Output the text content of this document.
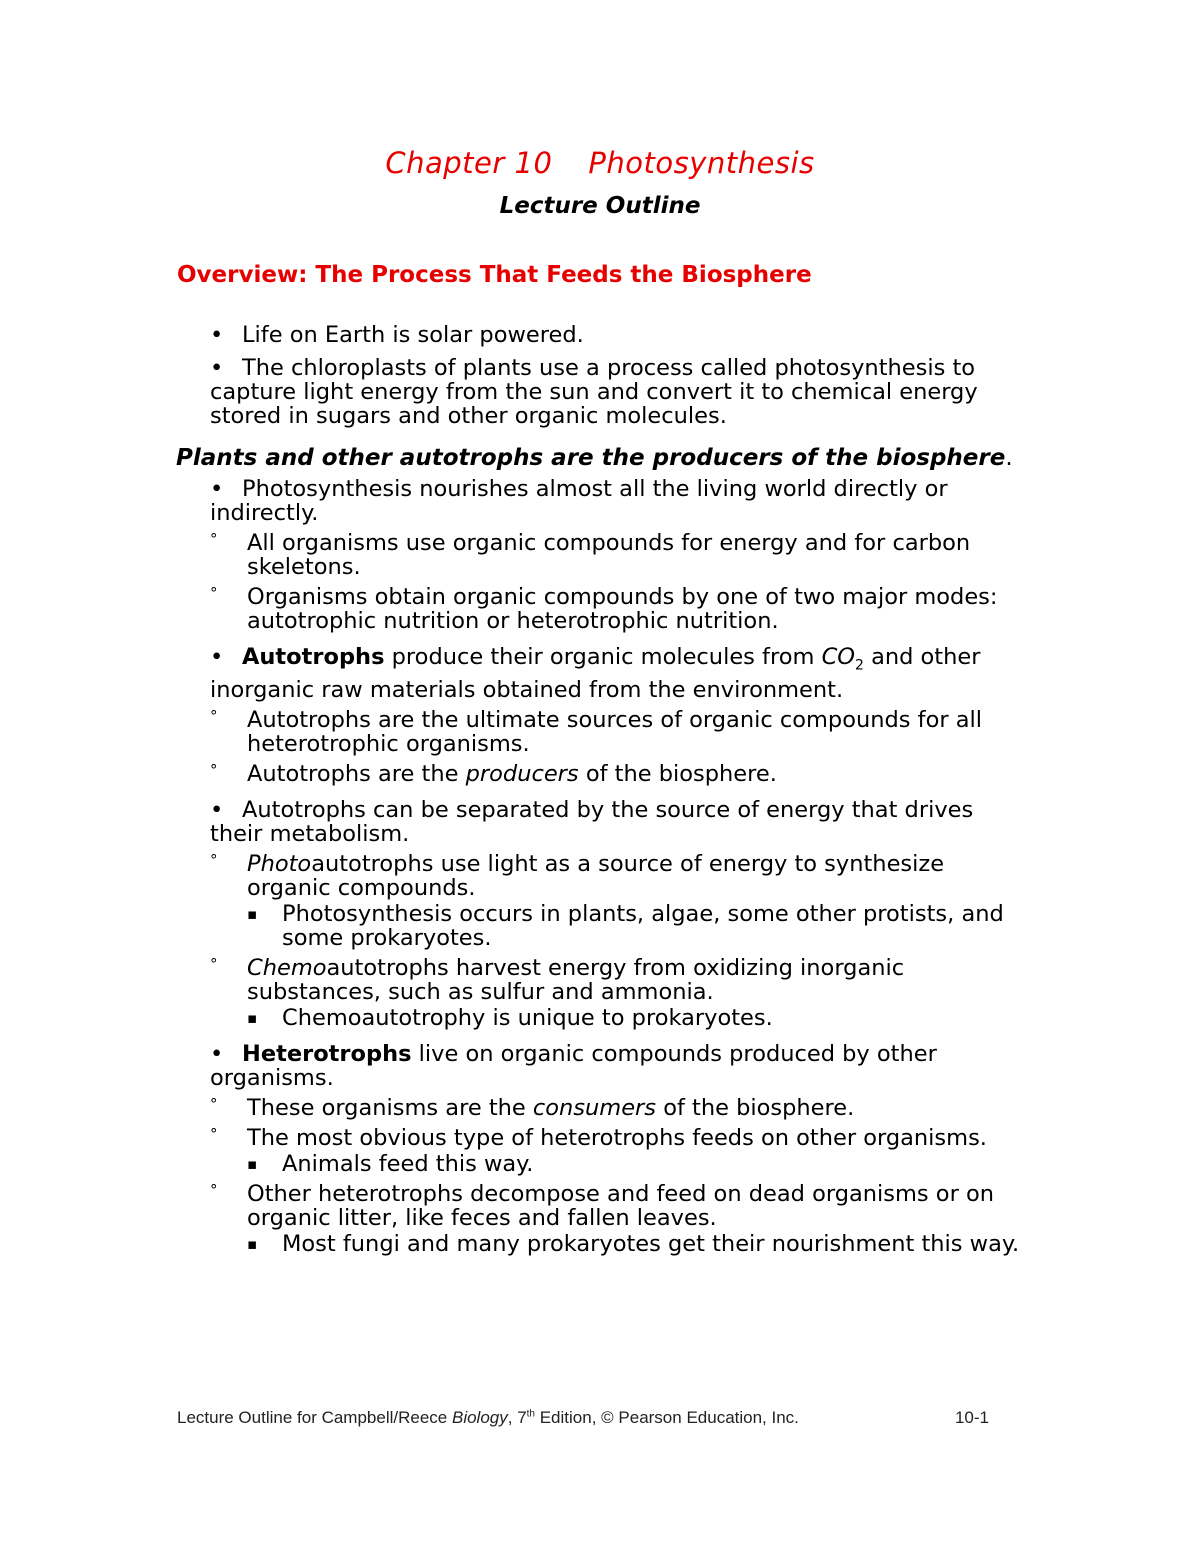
Chapter 10 Photosynthesis
Lecture Outline
Overview: The Process That Feeds the Biosphere

• Life on Earth is solar powered.

• The chloroplasts of plants use a process called photosynthesis to capture light energy from the sun and convert it to chemical energy stored in sugars and other organic molecules.

Plants and other autotrophs are the producers of the biosphere.

• Photosynthesis nourishes almost all the living world directly or indirectly.

° All organisms use organic compounds for energy and for carbon skeletons.

° Organisms obtain organic compounds by one of two major modes: autotrophic nutrition or heterotrophic nutrition.

• Autotrophs produce their organic molecules from $CO_2$ and other inorganic raw materials obtained from the environment.

° Autotrophs are the ultimate sources of organic compounds for all heterotrophic organisms.

° Autotrophs are the producers of the biosphere.

• Autotrophs can be separated by the source of energy that drives their metabolism.

° Photoautotrophs use light as a source of energy to synthesize organic compounds.

▪ Photosynthesis occurs in plants, algae, some other protists, and some prokaryotes.

° Chemoautotrophs harvest energy from oxidizing inorganic substances, such as sulfur and ammonia.

▪ Chemoautotrophy is unique to prokaryotes.

• Heterotrophs live on organic compounds produced by other organisms.

° These organisms are the consumers of the biosphere.

° The most obvious type of heterotrophs feeds on other organisms.

▪ Animals feed this way.

° Other heterotrophs decompose and feed on dead organisms or on organic litter, like feces and fallen leaves.

▪ Most fungi and many prokaryotes get their nourishment this way.

Lecture Outline for Campbell/Reece Biology, 7th Edition, © Pearson Education, Inc.	10-1
